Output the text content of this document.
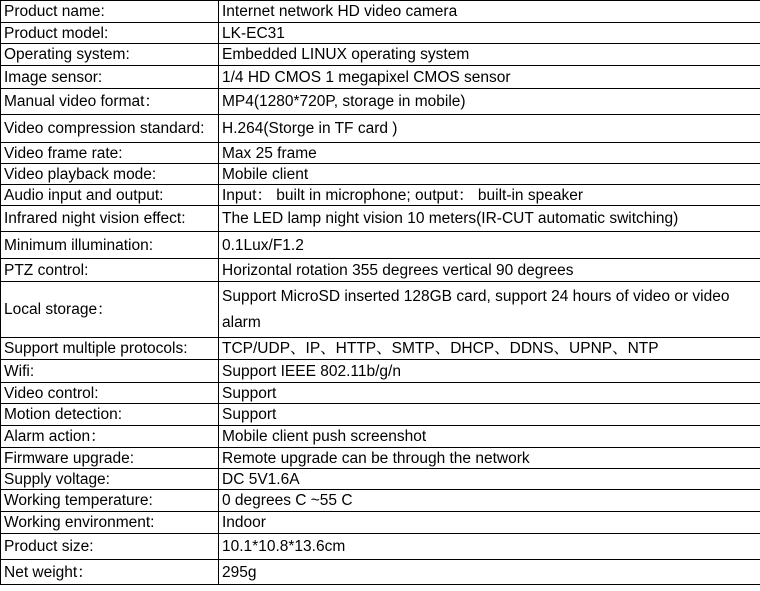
Product name:	Internet network HD video camera
Product model:	LK-EC31
Operating system:	Embedded LINUX operating system
Image sensor:	1/4 HD CMOS 1 megapixel CMOS sensor
Manual video format：	MP4(1280*720P, storage in mobile)
Video compression standard:	H.264(Storge in TF card )
Video frame rate:	Max 25 frame
Video playback mode:	Mobile client
Audio input and output:	Input： built in microphone; output： built-in speaker
Infrared night vision effect:	The LED lamp night vision 10 meters(IR-CUT automatic switching)
Minimum illumination:	0.1Lux/F1.2
PTZ control:	Horizontal rotation 355 degrees vertical 90 degrees
Local storage：	Support MicroSD inserted 128GB card, support 24 hours of video or video alarm
Support multiple protocols:	TCP/UDP、IP、HTTP、SMTP、DHCP、DDNS、UPNP、NTP
Wifi:	Support IEEE 802.11b/g/n
Video control:	Support
Motion detection:	Support
Alarm action：	Mobile client push screenshot
Firmware upgrade:	Remote upgrade can be through the network
Supply voltage:	DC 5V1.6A
Working temperature:	0 degrees C ~55 C
Working environment:	Indoor
Product size:	10.1*10.8*13.6cm
Net weight：	295g
